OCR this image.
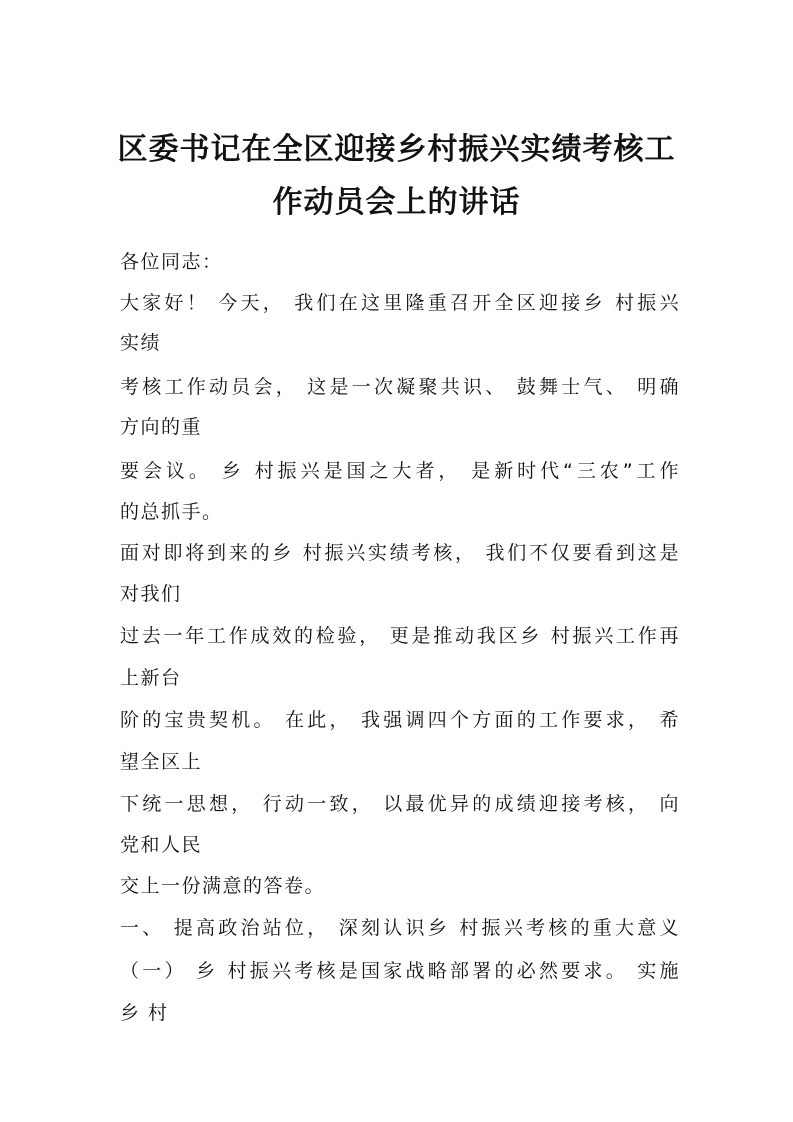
区委书记在全区迎接乡村振兴实绩考核工
作动员会上的讲话
各位同志：
大家好！ 今天， 我们在这里隆重召开全区迎接乡 村振兴
实绩
考核工作动员会， 这是一次凝聚共识、 鼓舞士气、 明确
方向的重
要会议。 乡 村振兴是国之大者， 是新时代“三农”工作
的总抓手。
面对即将到来的乡 村振兴实绩考核， 我们不仅要看到这是
对我们
过去一年工作成效的检验， 更是推动我区乡 村振兴工作再
上新台
阶的宝贵契机。 在此， 我强调四个方面的工作要求， 希
望全区上
下统一思想， 行动一致， 以最优异的成绩迎接考核， 向
党和人民
交上一份满意的答卷。
一、 提高政治站位， 深刻认识乡 村振兴考核的重大意义
（一） 乡 村振兴考核是国家战略部署的必然要求。 实施
乡 村
